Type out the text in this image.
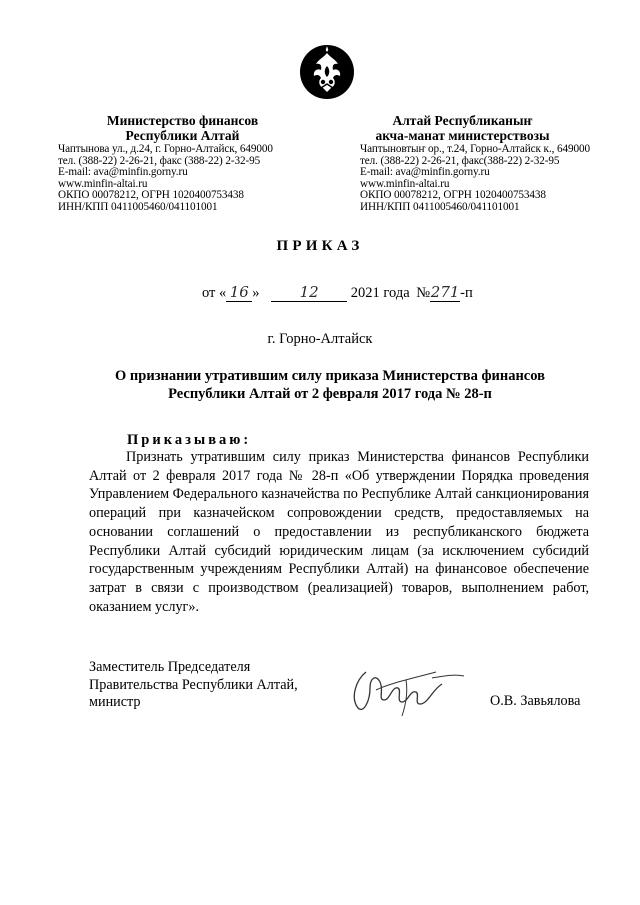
Министерство финансов
Республики Алтай
Алтай Республиканыҥ
акча-манат министерствозы
Чаптынова ул., д.24, г. Горно-Алтайск, 649000
тел. (388-22) 2-26-21, факс (388-22) 2-32-95
E-mail: ava@minfin.gorny.ru
www.minfin-altai.ru
ОКПО 00078212, ОГРН 1020400753438
ИНН/КПП 0411005460/041101001
Чаптыновтыҥ ор., т.24, Горно-Алтайск к., 649000
тел. (388-22) 2-26-21, факс(388-22) 2-32-95
E-mail: ava@minfin.gorny.ru
www.minfin-altai.ru
ОКПО 00078212, ОГРН 1020400753438
ИНН/КПП 0411005460/041101001
ПРИКАЗ
от « 16 »	12 2021 года №271-п
г. Горно-Алтайск
О признании утратившим силу приказа Министерства финансов
Республики Алтай от 2 февраля 2017 года № 28-п
Приказываю:
Признать утратившим силу приказ Министерства финансов Республики Алтай от 2 февраля 2017 года № 28-п «Об утверждении Порядка проведения Управлением Федерального казначейства по Республике Алтай санкционирования операций при казначейском сопровождении средств, предоставляемых на основании соглашений о предоставлении из республиканского бюджета Республики Алтай субсидий юридическим лицам (за исключением субсидий государственным учреждениям Республики Алтай) на финансовое обеспечение затрат в связи с производством (реализацией) товаров, выполнением работ, оказанием услуг».
Заместитель Председателя
Правительства Республики Алтай,
министр	О.В. Завьялова
